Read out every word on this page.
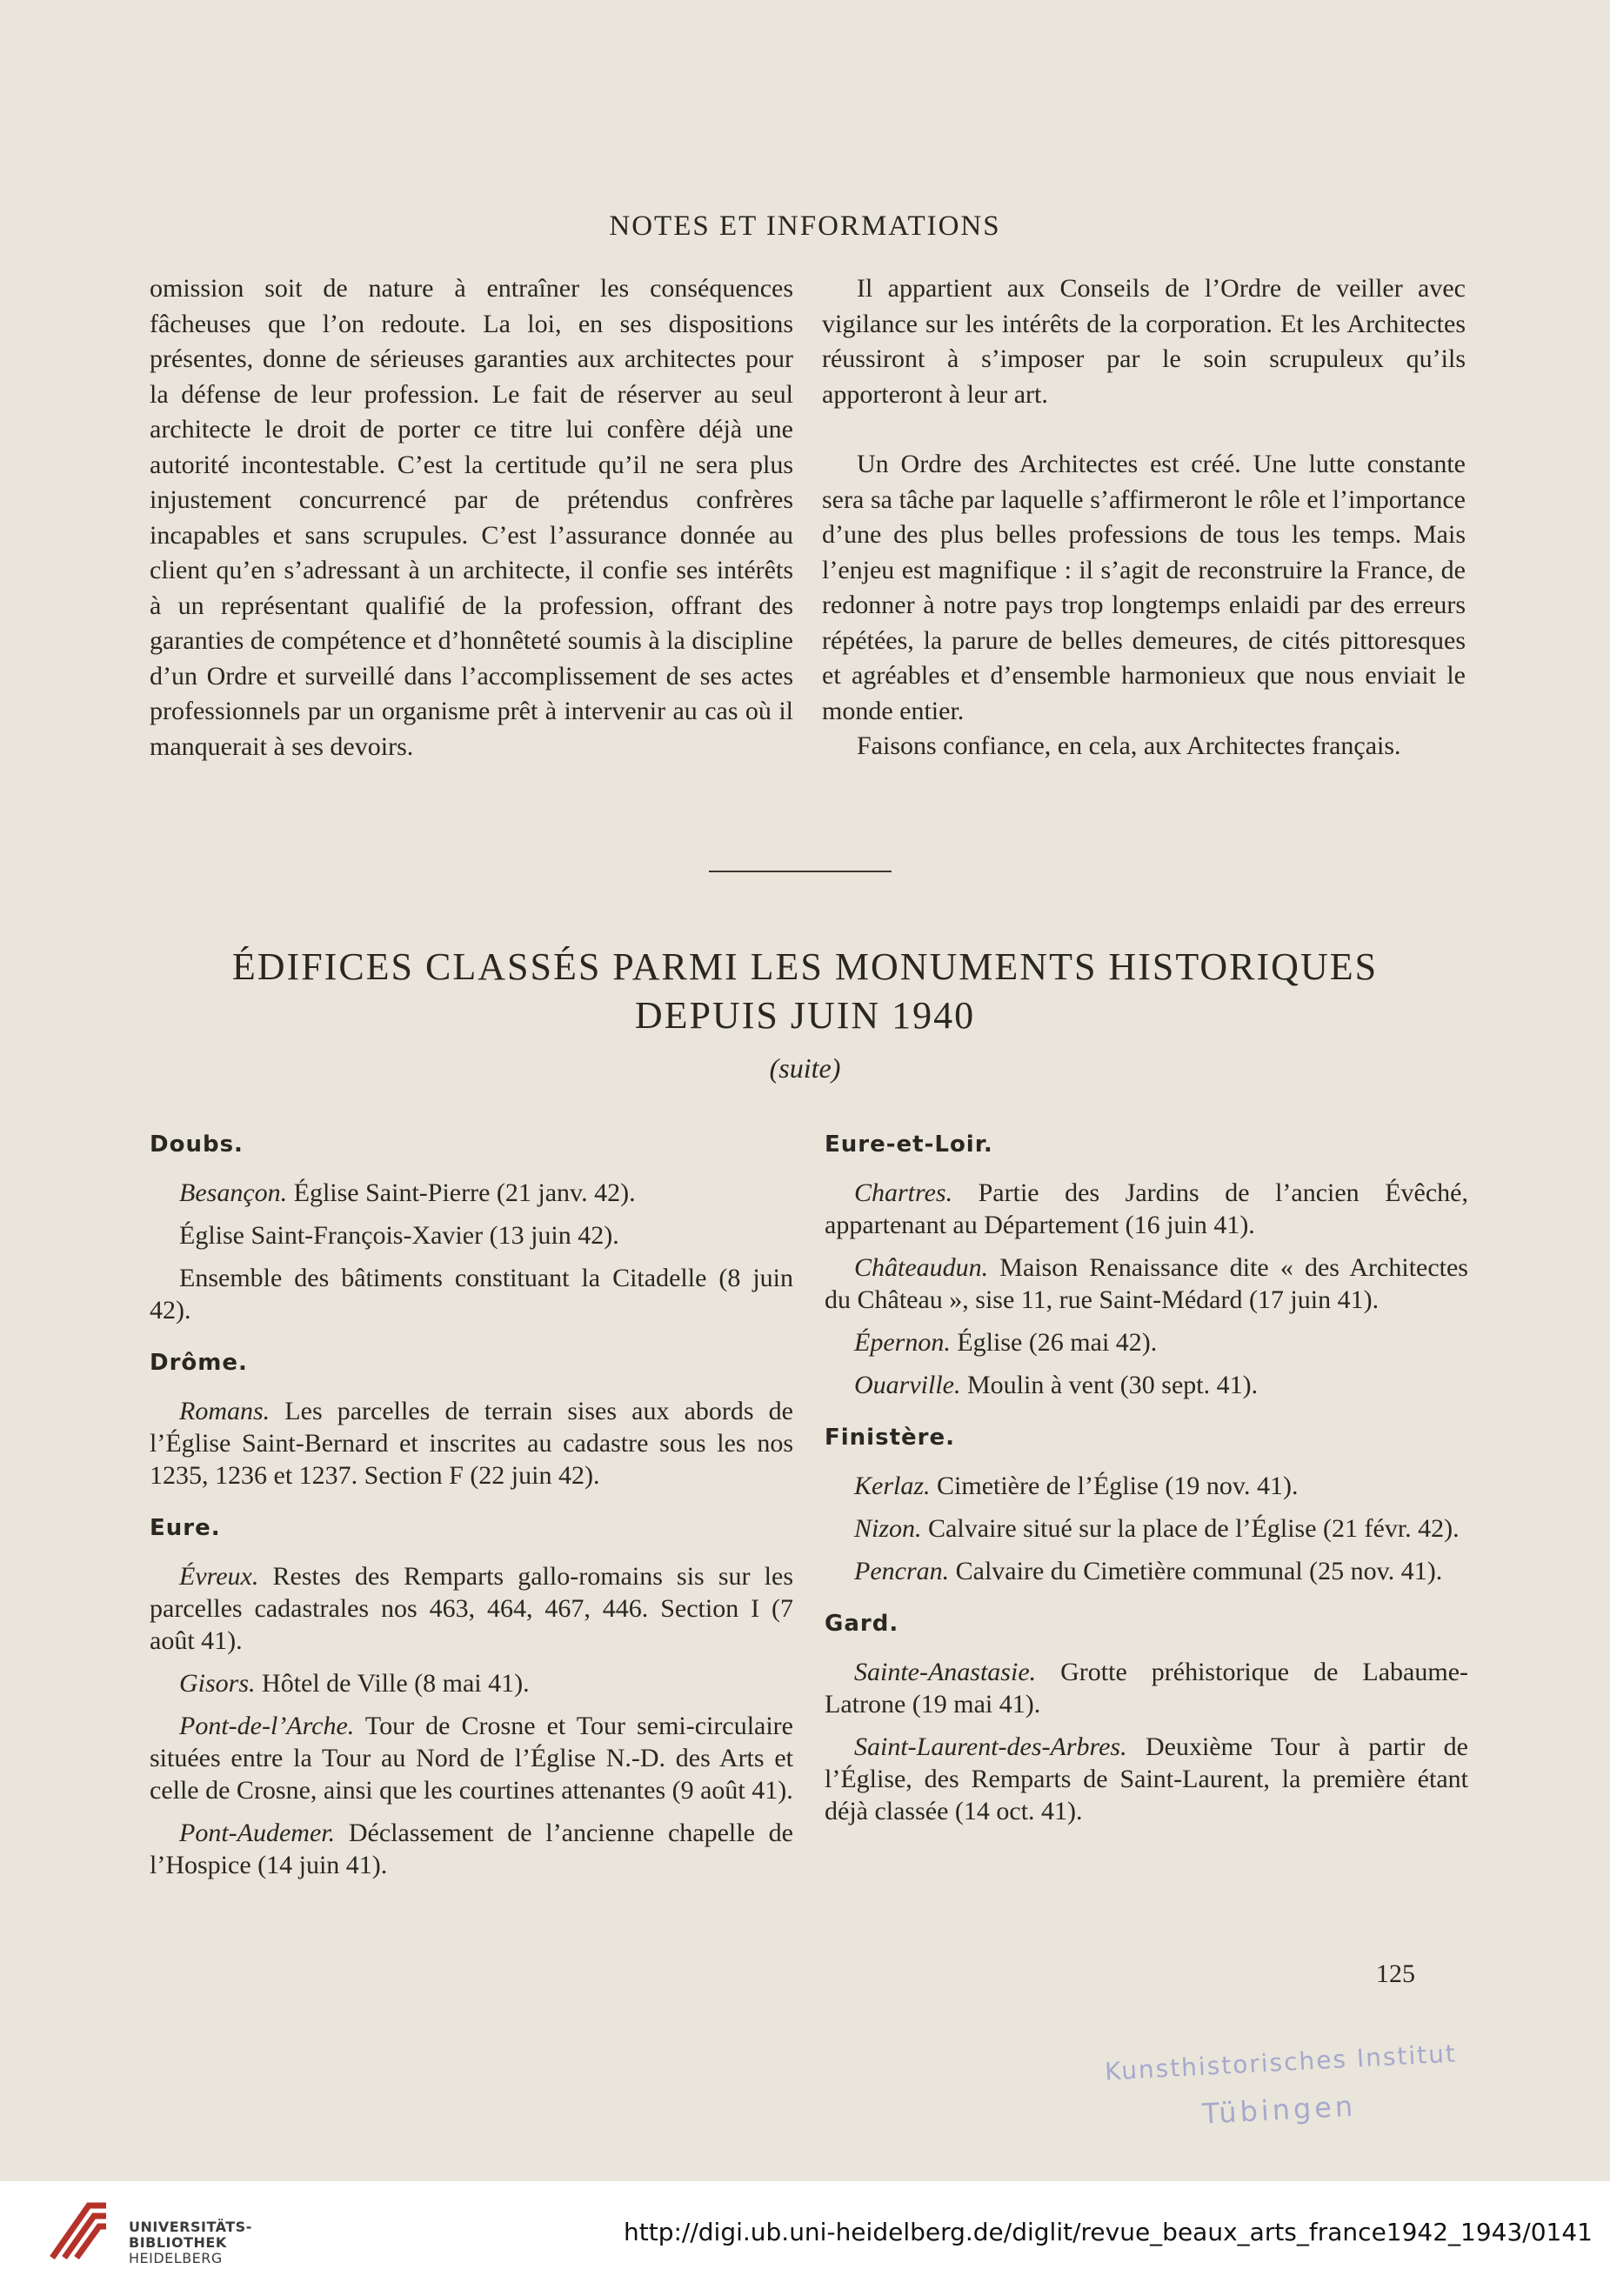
NOTES ET INFORMATIONS

omission soit de nature à entraîner les conséquences fâcheuses que l’on redoute. La loi, en ses dispositions présentes, donne de sérieuses garanties aux architectes pour la défense de leur profession. Le fait de réserver au seul architecte le droit de porter ce titre lui confère déjà une autorité incontestable. C’est la certitude qu’il ne sera plus injustement concurrencé par de prétendus confrères incapables et sans scrupules. C’est l’assurance donnée au client qu’en s’adressant à un architecte, il confie ses intérêts à un représentant qualifié de la profession, offrant des garanties de compétence et d’honnêteté soumis à la discipline d’un Ordre et surveillé dans l’accomplissement de ses actes professionnels par un organisme prêt à intervenir au cas où il manquerait à ses devoirs.

Il appartient aux Conseils de l’Ordre de veiller avec vigilance sur les intérêts de la corporation. Et les Architectes réussiront à s’imposer par le soin scrupuleux qu’ils apporteront à leur art.

Un Ordre des Architectes est créé. Une lutte constante sera sa tâche par laquelle s’affirmeront le rôle et l’importance d’une des plus belles professions de tous les temps. Mais l’enjeu est magnifique : il s’agit de reconstruire la France, de redonner à notre pays trop longtemps enlaidi par des erreurs répétées, la parure de belles demeures, de cités pittoresques et agréables et d’ensemble harmonieux que nous enviait le monde entier.

Faisons confiance, en cela, aux Architectes français.

ÉDIFICES CLASSÉS PARMI LES MONUMENTS HISTORIQUES
DEPUIS JUIN 1940
(suite)
Doubs.

Besançon. Église Saint-Pierre (21 janv. 42).

Église Saint-François-Xavier (13 juin 42).

Ensemble des bâtiments constituant la Citadelle (8 juin 42).

Drôme.

Romans. Les parcelles de terrain sises aux abords de l’Église Saint-Bernard et inscrites au cadastre sous les nos 1235, 1236 et 1237. Section F (22 juin 42).

Eure.

Évreux. Restes des Remparts gallo-romains sis sur les parcelles cadastrales nos 463, 464, 467, 446. Section I (7 août 41).

Gisors. Hôtel de Ville (8 mai 41).

Pont-de-l’Arche. Tour de Crosne et Tour semi-circulaire situées entre la Tour au Nord de l’Église N.-D. des Arts et celle de Crosne, ainsi que les courtines attenantes (9 août 41).

Pont-Audemer. Déclassement de l’ancienne chapelle de l’Hospice (14 juin 41).

Eure-et-Loir.

Chartres. Partie des Jardins de l’ancien Évêché, appartenant au Département (16 juin 41).

Châteaudun. Maison Renaissance dite « des Architectes du Château », sise 11, rue Saint-Médard (17 juin 41).

Épernon. Église (26 mai 42).

Ouarville. Moulin à vent (30 sept. 41).

Finistère.

Kerlaz. Cimetière de l’Église (19 nov. 41).

Nizon. Calvaire situé sur la place de l’Église (21 févr. 42).

Pencran. Calvaire du Cimetière communal (25 nov. 41).

Gard.

Sainte-Anastasie. Grotte préhistorique de Labaume-Latrone (19 mai 41).

Saint-Laurent-des-Arbres. Deuxième Tour à partir de l’Église, des Remparts de Saint-Laurent, la première étant déjà classée (14 oct. 41).

125
Kunsthistorisches Institut
Tübingen
UNIVERSITÄTS-
BIBLIOTHEK
HEIDELBERG
http://digi.ub.uni-heidelberg.de/diglit/revue_beaux_arts_france1942_1943/0141
